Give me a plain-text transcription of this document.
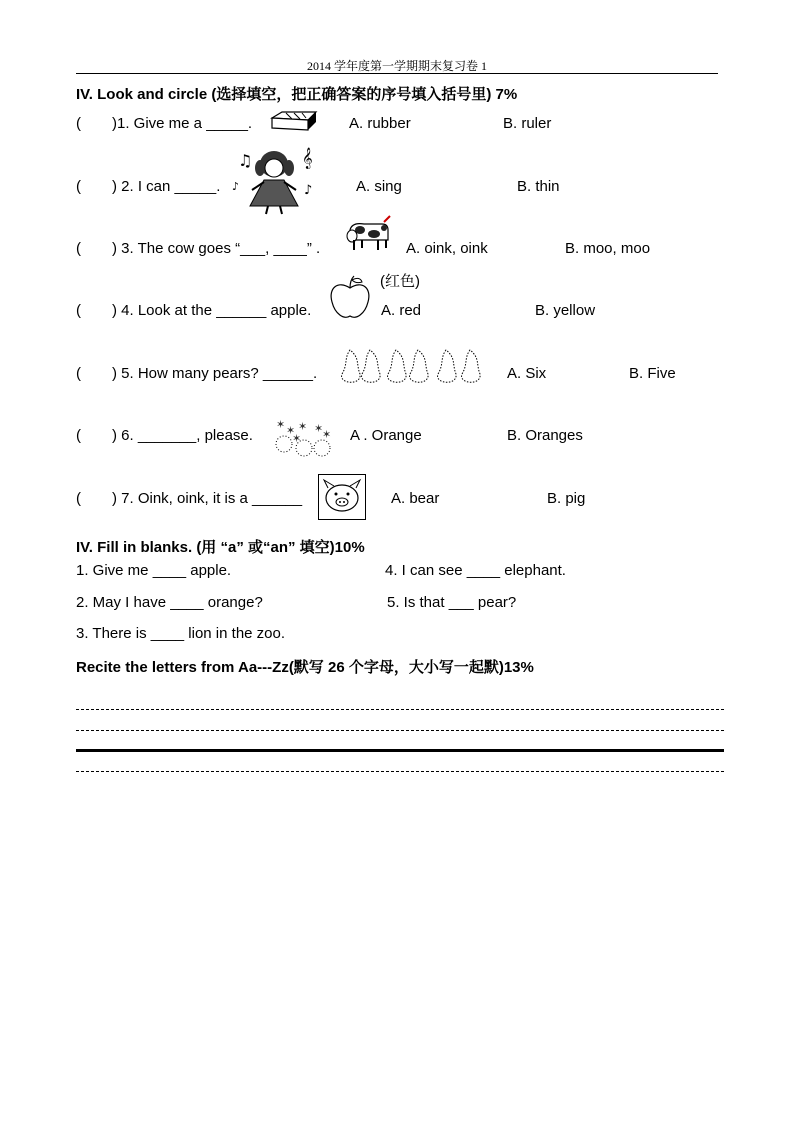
2014 学年度第一学期期末复习卷 1
IV. Look and circle (选择填空，把正确答案的序号填入括号里) 7%
( )1. Give me a _____.	A. rubber	B. ruler
( ) 2. I can _____.
♫	𝄞
♪
♪	A. sing	B. thin
( ) 3. The cow goes “___, ____” .	A. oink, oink	B. moo, moo
(红色)
( ) 4. Look at the ______ apple.	A. red	B. yellow
( ) 5. How many pears? ______.	A. Six	B. Five
( ) 6. _______, please.
✶ ✶ ✶
✶
✶
✶ A . Orange	B. Oranges
( ) 7. Oink, oink, it is a ______	A. bear	B. pig
IV. Fill in blanks. (用 “a” 或“an” 填空)10%
1. Give me ____ apple.	4. I can see ____ elephant.
2. May I have ____ orange?	5. Is that ___ pear?
3. There is ____ lion in the zoo.
Recite the letters from Aa---Zz(默写 26 个字母，大小写一起默)13%
